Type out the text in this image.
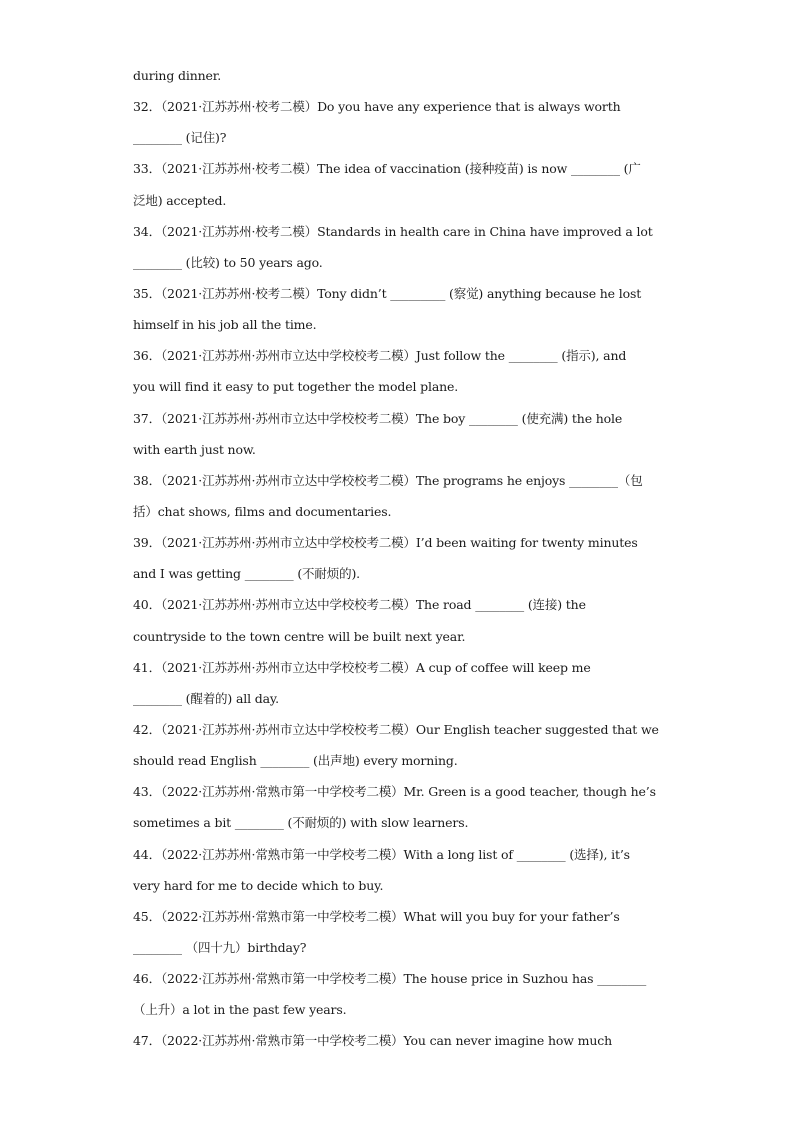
during dinner.
32．（2021·江苏苏州·校考二模）Do you have any experience that is always worth
________ (记住)?
33．（2021·江苏苏州·校考二模）The idea of vaccination (接种疫苗) is now ________ (广
泛地) accepted.
34．（2021·江苏苏州·校考二模）Standards in health care in China have improved a lot
________ (比较) to 50 years ago.
35．（2021·江苏苏州·校考二模）Tony didn’t _________ (察觉) anything because he lost
himself in his job all the time.
36．（2021·江苏苏州·苏州市立达中学校校考二模）Just follow the ________ (指示), and
you will find it easy to put together the model plane.
37．（2021·江苏苏州·苏州市立达中学校校考二模）The boy ________ (使充满) the hole
with earth just now.
38．（2021·江苏苏州·苏州市立达中学校校考二模）The programs he enjoys ________（包
括）chat shows, films and documentaries.
39．（2021·江苏苏州·苏州市立达中学校校考二模）I’d been waiting for twenty minutes
and I was getting ________ (不耐烦的).
40．（2021·江苏苏州·苏州市立达中学校校考二模）The road ________ (连接) the
countryside to the town centre will be built next year.
41．（2021·江苏苏州·苏州市立达中学校校考二模）A cup of coffee will keep me
________ (醒着的) all day.
42．（2021·江苏苏州·苏州市立达中学校校考二模）Our English teacher suggested that we
should read English ________ (出声地) every morning.
43．（2022·江苏苏州·常熟市第一中学校考二模）Mr. Green is a good teacher, though he’s
sometimes a bit ________ (不耐烦的) with slow learners.
44．（2022·江苏苏州·常熟市第一中学校考二模）With a long list of ________ (选择), it’s
very hard for me to decide which to buy.
45．（2022·江苏苏州·常熟市第一中学校考二模）What will you buy for your father’s
________ （四十九）birthday?
46．（2022·江苏苏州·常熟市第一中学校考二模）The house price in Suzhou has ________
（上升）a lot in the past few years.
47．（2022·江苏苏州·常熟市第一中学校考二模）You can never imagine how much
